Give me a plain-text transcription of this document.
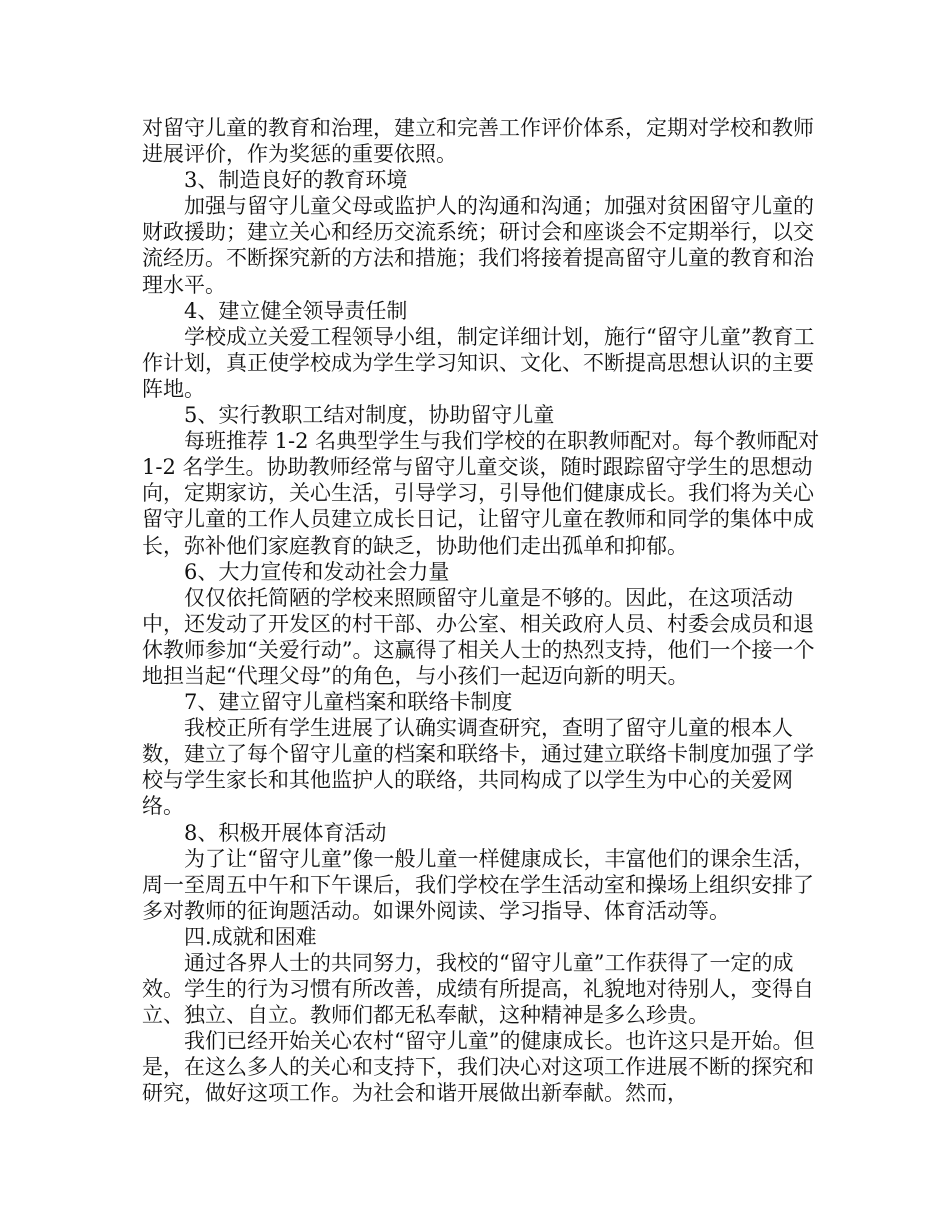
对留守儿童的教育和治理，建立和完善工作评价体系，定期对学校和教师进展评价，作为奖惩的重要依照。

3、制造良好的教育环境

加强与留守儿童父母或监护人的沟通和沟通；加强对贫困留守儿童的财政援助；建立关心和经历交流系统；研讨会和座谈会不定期举行，以交流经历。不断探究新的方法和措施；我们将接着提高留守儿童的教育和治理水平。

4、建立健全领导责任制

学校成立关爱工程领导小组，制定详细计划，施行“留守儿童”教育工作计划，真正使学校成为学生学习知识、文化、不断提高思想认识的主要阵地。

5、实行教职工结对制度，协助留守儿童

每班推荐 1-2 名典型学生与我们学校的在职教师配对。每个教师配对 1-2 名学生。协助教师经常与留守儿童交谈，随时跟踪留守学生的思想动向，定期家访，关心生活，引导学习，引导他们健康成长。我们将为关心留守儿童的工作人员建立成长日记，让留守儿童在教师和同学的集体中成长，弥补他们家庭教育的缺乏，协助他们走出孤单和抑郁。

6、大力宣传和发动社会力量

仅仅依托简陋的学校来照顾留守儿童是不够的。因此，在这项活动中，还发动了开发区的村干部、办公室、相关政府人员、村委会成员和退休教师参加“关爱行动”。这赢得了相关人士的热烈支持，他们一个接一个地担当起“代理父母”的角色，与小孩们一起迈向新的明天。

7、建立留守儿童档案和联络卡制度

我校正所有学生进展了认确实调查研究，查明了留守儿童的根本人数，建立了每个留守儿童的档案和联络卡，通过建立联络卡制度加强了学校与学生家长和其他监护人的联络，共同构成了以学生为中心的关爱网络。

8、积极开展体育活动

为了让“留守儿童”像一般儿童一样健康成长，丰富他们的课余生活，周一至周五中午和下午课后，我们学校在学生活动室和操场上组织安排了多对教师的征询题活动。如课外阅读、学习指导、体育活动等。

四.成就和困难

通过各界人士的共同努力，我校的“留守儿童”工作获得了一定的成效。学生的行为习惯有所改善，成绩有所提高，礼貌地对待别人，变得自立、独立、自立。教师们都无私奉献，这种精神是多么珍贵。

我们已经开始关心农村“留守儿童”的健康成长。也许这只是开始。但是，在这么多人的关心和支持下，我们决心对这项工作进展不断的探究和研究，做好这项工作。为社会和谐开展做出新奉献。然而，
